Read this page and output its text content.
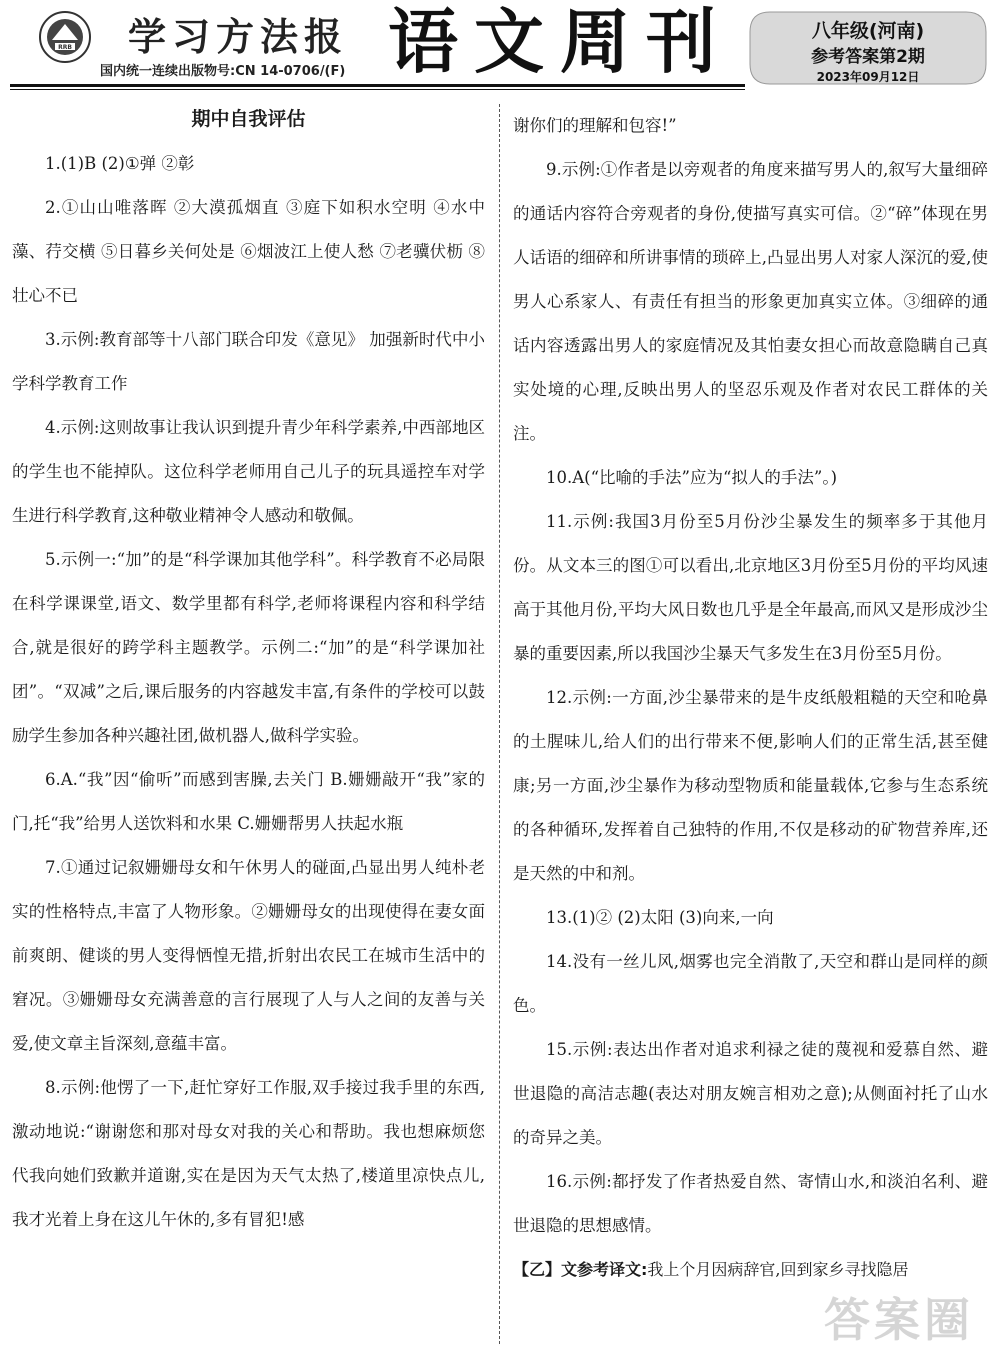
RRB 学习方法报
国内统一连续出版物号:CN 14-0706/(F) 语文周刊	八年级(河南)
参考答案第2期
2023年09月12日
期中自我评估

1.(1)B (2)①弹 ②彰

2.①山山唯落晖 ②大漠孤烟直 ③庭下如积水空明 ④水中藻、荇交横 ⑤日暮乡关何处是 ⑥烟波江上使人愁 ⑦老骥伏枥 ⑧壮心不已

3.示例:教育部等十八部门联合印发《意见》 加强新时代中小学科学教育工作

4.示例:这则故事让我认识到提升青少年科学素养,中西部地区的学生也不能掉队。这位科学老师用自己儿子的玩具遥控车对学生进行科学教育,这种敬业精神令人感动和敬佩。

5.示例一:“加”的是“科学课加其他学科”。科学教育不必局限在科学课课堂,语文、数学里都有科学,老师将课程内容和科学结合,就是很好的跨学科主题教学。示例二:“加”的是“科学课加社团”。“双减”之后,课后服务的内容越发丰富,有条件的学校可以鼓励学生参加各种兴趣社团,做机器人,做科学实验。

6.A.“我”因“偷听”而感到害臊,去关门 B.姗姗敲开“我”家的门,托“我”给男人送饮料和水果 C.姗姗帮男人扶起水瓶

7.①通过记叙姗姗母女和午休男人的碰面,凸显出男人纯朴老实的性格特点,丰富了人物形象。②姗姗母女的出现使得在妻女面前爽朗、健谈的男人变得恓惶无措,折射出农民工在城市生活中的窘况。③姗姗母女充满善意的言行展现了人与人之间的友善与关爱,使文章主旨深刻,意蕴丰富。

8.示例:他愣了一下,赶忙穿好工作服,双手接过我手里的东西,激动地说:“谢谢您和那对母女对我的关心和帮助。我也想麻烦您代我向她们致歉并道谢,实在是因为天气太热了,楼道里凉快点儿,我才光着上身在这儿午休的,多有冒犯!感

谢你们的理解和包容!”

9.示例:①作者是以旁观者的角度来描写男人的,叙写大量细碎的通话内容符合旁观者的身份,使描写真实可信。②“碎”体现在男人话语的细碎和所讲事情的琐碎上,凸显出男人对家人深沉的爱,使男人心系家人、有责任有担当的形象更加真实立体。③细碎的通话内容透露出男人的家庭情况及其怕妻女担心而故意隐瞒自己真实处境的心理,反映出男人的坚忍乐观及作者对农民工群体的关注。

10.A(“比喻的手法”应为“拟人的手法”。)

11.示例:我国3月份至5月份沙尘暴发生的频率多于其他月份。从文本三的图①可以看出,北京地区3月份至5月份的平均风速高于其他月份,平均大风日数也几乎是全年最高,而风又是形成沙尘暴的重要因素,所以我国沙尘暴天气多发生在3月份至5月份。

12.示例:一方面,沙尘暴带来的是牛皮纸般粗糙的天空和呛鼻的土腥味儿,给人们的出行带来不便,影响人们的正常生活,甚至健康;另一方面,沙尘暴作为移动型物质和能量载体,它参与生态系统的各种循环,发挥着自己独特的作用,不仅是移动的矿物营养库,还是天然的中和剂。

13.(1)② (2)太阳 (3)向来,一向

14.没有一丝儿风,烟雾也完全消散了,天空和群山是同样的颜色。

15.示例:表达出作者对追求利禄之徒的蔑视和爱慕自然、避世退隐的高洁志趣(表达对朋友婉言相劝之意);从侧面衬托了山水的奇异之美。

16.示例:都抒发了作者热爱自然、寄情山水,和淡泊名利、避世退隐的思想感情。

【乙】文参考译文:我上个月因病辞官,回到家乡寻找隐居

答案圈
